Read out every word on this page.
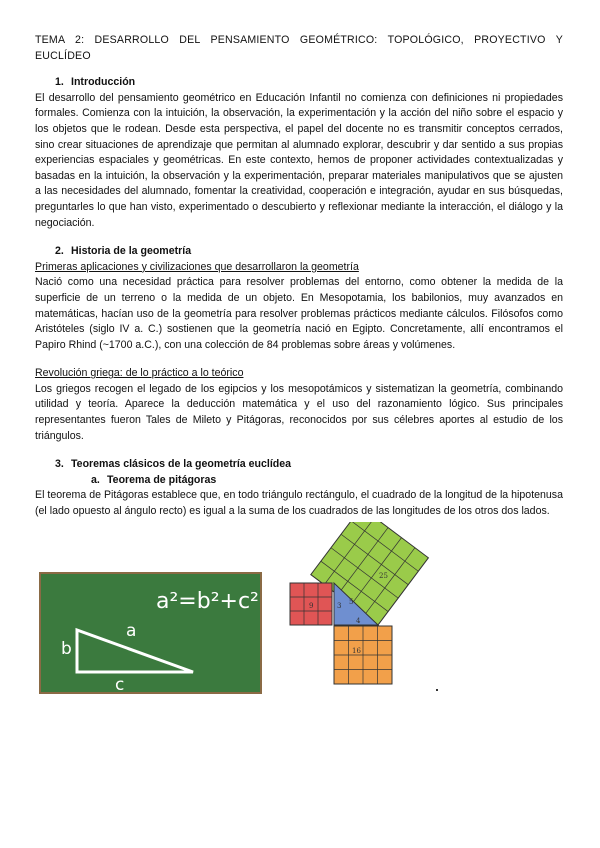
TEMA 2: DESARROLLO DEL PENSAMIENTO GEOMÉTRICO: TOPOLÓGICO, PROYECTIVO Y EUCLÍDEO
1. Introducción

El desarrollo del pensamiento geométrico en Educación Infantil no comienza con definiciones ni propiedades formales. Comienza con la intuición, la observación, la experimentación y la acción del niño sobre el espacio y los objetos que le rodean. Desde esta perspectiva, el papel del docente no es transmitir conceptos cerrados, sino crear situaciones de aprendizaje que permitan al alumnado explorar, descubrir y dar sentido a sus propias experiencias espaciales y geométricas. En este contexto, hemos de proponer actividades contextualizadas y basadas en la intuición, la observación y la experimentación, preparar materiales manipulativos que se ajusten a las necesidades del alumnado, fomentar la creatividad, cooperación e integración, ayudar en sus búsquedas, preguntarles lo que han visto, experimentado o descubierto y reflexionar mediante la interacción, el diálogo y la negociación.

2. Historia de la geometría
Primeras aplicaciones y civilizaciones que desarrollaron la geometría

Nació como una necesidad práctica para resolver problemas del entorno, como obtener la medida de la superficie de un terreno o la medida de un objeto. En Mesopotamia, los babilonios, muy avanzados en matemáticas, hacían uso de la geometría para resolver problemas prácticos mediante cálculos. Filósofos como Aristóteles (siglo IV a. C.) sostienen que la geometría nació en Egipto. Concretamente, allí encontramos el Papiro Rhind (~1700 a.C.), con una colección de 84 problemas sobre áreas y volúmenes.

Revolución griega: de lo práctico a lo teórico

Los griegos recogen el legado de los egipcios y los mesopotámicos y sistematizan la geometría, combinando utilidad y teoría. Aparece la deducción matemática y el uso del razonamiento lógico. Sus principales representantes fueron Tales de Mileto y Pitágoras, reconocidos por sus célebres aportes al estudio de los triángulos.

3. Teoremas clásicos de la geometría euclídea
a. Teorema de pitágoras

El teorema de Pitágoras establece que, en todo triángulo rectángulo, el cuadrado de la longitud de la hipotenusa (el lado opuesto al ángulo recto) es igual a la suma de los cuadrados de las longitudes de los otros dos lados.

a²=b²+c²
a
b
c
25
9	3 5
4
16
